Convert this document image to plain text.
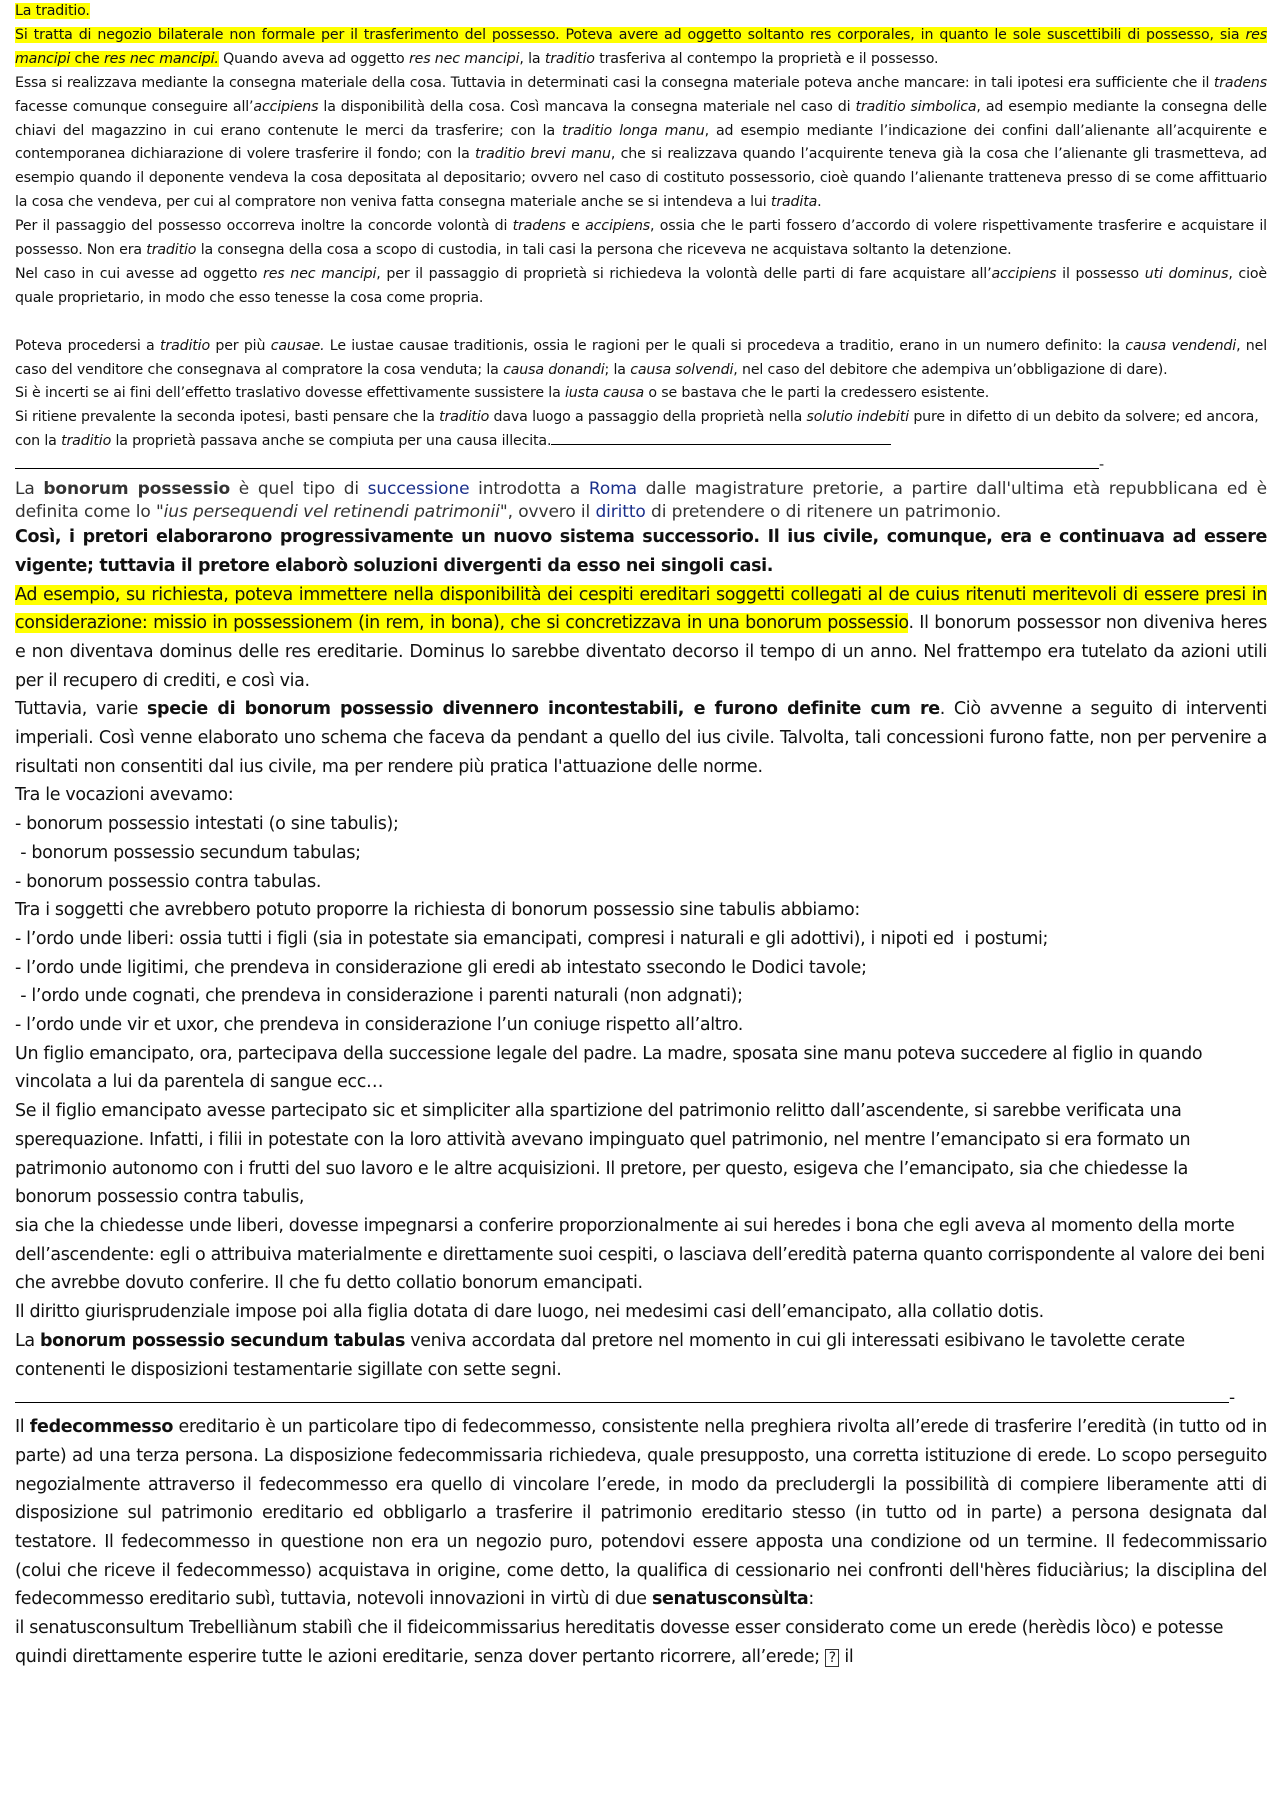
La traditio.

Si tratta di negozio bilaterale non formale per il trasferimento del possesso. Poteva avere ad oggetto soltanto res corporales, in quanto le sole suscettibili di possesso, sia res mancipi che res nec mancipi. Quando aveva ad oggetto res nec mancipi, la traditio trasferiva al contempo la proprietà e il possesso.

Essa si realizzava mediante la consegna materiale della cosa. Tuttavia in determinati casi la consegna materiale poteva anche mancare: in tali ipotesi era sufficiente che il tradens facesse comunque conseguire all’accipiens la disponibilità della cosa. Così mancava la consegna materiale nel caso di traditio simbolica, ad esempio mediante la consegna delle chiavi del magazzino in cui erano contenute le merci da trasferire; con la traditio longa manu, ad esempio mediante l’indicazione dei confini dall’alienante all’acquirente e contemporanea dichiarazione di volere trasferire il fondo; con la traditio brevi manu, che si realizzava quando l’acquirente teneva già la cosa che l’alienante gli trasmetteva, ad esempio quando il deponente vendeva la cosa depositata al depositario; ovvero nel caso di costituto possessorio, cioè quando l’alienante tratteneva presso di se come affittuario la cosa che vendeva, per cui al compratore non veniva fatta consegna materiale anche se si intendeva a lui tradita.

Per il passaggio del possesso occorreva inoltre la concorde volontà di tradens e accipiens, ossia che le parti fossero d’accordo di volere rispettivamente trasferire e acquistare il possesso. Non era traditio la consegna della cosa a scopo di custodia, in tali casi la persona che riceveva ne acquistava soltanto la detenzione.

Nel caso in cui avesse ad oggetto res nec mancipi, per il passaggio di proprietà si richiedeva la volontà delle parti di fare acquistare all’accipiens il possesso uti dominus, cioè quale proprietario, in modo che esso tenesse la cosa come propria.

Poteva procedersi a traditio per più causae. Le iustae causae traditionis, ossia le ragioni per le quali si procedeva a traditio, erano in un numero definito: la causa vendendi, nel caso del venditore che consegnava al compratore la cosa venduta; la causa donandi; la causa solvendi, nel caso del debitore che adempiva un’obbligazione di dare).

Si è incerti se ai fini dell’effetto traslativo dovesse effettivamente sussistere la iusta causa o se bastava che le parti la credessero esistente.

Si ritiene prevalente la seconda ipotesi, basti pensare che la traditio dava luogo a passaggio della proprietà nella solutio indebiti pure in difetto di un debito da solvere; ed ancora, con la traditio la proprietà passava anche se compiuta per una causa illecita.

-

La bonorum possessio è quel tipo di successione introdotta a Roma dalle magistrature pretorie, a partire dall'ultima età repubblicana ed è definita come lo "ius persequendi vel retinendi patrimonii", ovvero il diritto di pretendere o di ritenere un patrimonio.

Così, i pretori elaborarono progressivamente un nuovo sistema successorio. Il ius civile, comunque, era e continuava ad essere vigente; tuttavia il pretore elaborò soluzioni divergenti da esso nei singoli casi.

Ad esempio, su richiesta, poteva immettere nella disponibilità dei cespiti ereditari soggetti collegati al de cuius ritenuti meritevoli di essere presi in considerazione: missio in possessionem (in rem, in bona), che si concretizzava in una bonorum possessio. Il bonorum possessor non diveniva heres e non diventava dominus delle res ereditarie. Dominus lo sarebbe diventato decorso il tempo di un anno. Nel frattempo era tutelato da azioni utili per il recupero di crediti, e così via.

Tuttavia, varie specie di bonorum possessio divennero incontestabili, e furono definite cum re. Ciò avvenne a seguito di interventi imperiali. Così venne elaborato uno schema che faceva da pendant a quello del ius civile. Talvolta, tali concessioni furono fatte, non per pervenire a risultati non consentiti dal ius civile, ma per rendere più pratica l'attuazione delle norme.

Tra le vocazioni avevamo:

- bonorum possessio intestati (o sine tabulis);

- bonorum possessio secundum tabulas;

- bonorum possessio contra tabulas.

Tra i soggetti che avrebbero potuto proporre la richiesta di bonorum possessio sine tabulis abbiamo:

- l’ordo unde liberi: ossia tutti i figli (sia in potestate sia emancipati, compresi i naturali e gli adottivi), i nipoti ed  i postumi;

- l’ordo unde ligitimi, che prendeva in considerazione gli eredi ab intestato ssecondo le Dodici tavole;

- l’ordo unde cognati, che prendeva in considerazione i parenti naturali (non adgnati);

- l’ordo unde vir et uxor, che prendeva in considerazione l’un coniuge rispetto all’altro.

Un figlio emancipato, ora, partecipava della successione legale del padre. La madre, sposata sine manu poteva succedere al figlio in quando vincolata a lui da parentela di sangue ecc…

Se il figlio emancipato avesse partecipato sic et simpliciter alla spartizione del patrimonio relitto dall’ascendente, si sarebbe verificata una sperequazione. Infatti, i filii in potestate con la loro attività avevano impinguato quel patrimonio, nel mentre l’emancipato si era formato un patrimonio autonomo con i frutti del suo lavoro e le altre acquisizioni. Il pretore, per questo, esigeva che l’emancipato, sia che chiedesse la bonorum possessio contra tabulis,

sia che la chiedesse unde liberi, dovesse impegnarsi a conferire proporzionalmente ai sui heredes i bona che egli aveva al momento della morte dell’ascendente: egli o attribuiva materialmente e direttamente suoi cespiti, o lasciava dell’eredità paterna quanto corrispondente al valore dei beni che avrebbe dovuto conferire. Il che fu detto collatio bonorum emancipati.

Il diritto giurisprudenziale impose poi alla figlia dotata di dare luogo, nei medesimi casi dell’emancipato, alla collatio dotis.

La bonorum possessio secundum tabulas veniva accordata dal pretore nel momento in cui gli interessati esibivano le tavolette cerate contenenti le disposizioni testamentarie sigillate con sette segni.

-

Il fedecommesso ereditario è un particolare tipo di fedecommesso, consistente nella preghiera rivolta all’erede di trasferire l’eredità (in tutto od in parte) ad una terza persona. La disposizione fedecommissaria richiedeva, quale presupposto, una corretta istituzione di erede. Lo scopo perseguito negozialmente attraverso il fedecommesso era quello di vincolare l’erede, in modo da precludergli la possibilità di compiere liberamente atti di disposizione sul patrimonio ereditario ed obbligarlo a trasferire il patrimonio ereditario stesso (in tutto od in parte) a persona designata dal testatore. Il fedecommesso in questione non era un negozio puro, potendovi essere apposta una condizione od un termine. Il fedecommissario (colui che riceve il fedecommesso) acquistava in origine, come detto, la qualifica di cessionario nei confronti dell'hères fiduciàrius; la disciplina del fedecommesso ereditario subì, tuttavia, notevoli innovazioni in virtù di due senatusconsùlta:

il senatusconsultum Trebelliànum stabilì che il fideicommissarius hereditatis dovesse esser considerato come un erede (herèdis lòco) e potesse quindi direttamente esperire tutte le azioni ereditarie, senza dover pertanto ricorrere, all’erede; ? il
